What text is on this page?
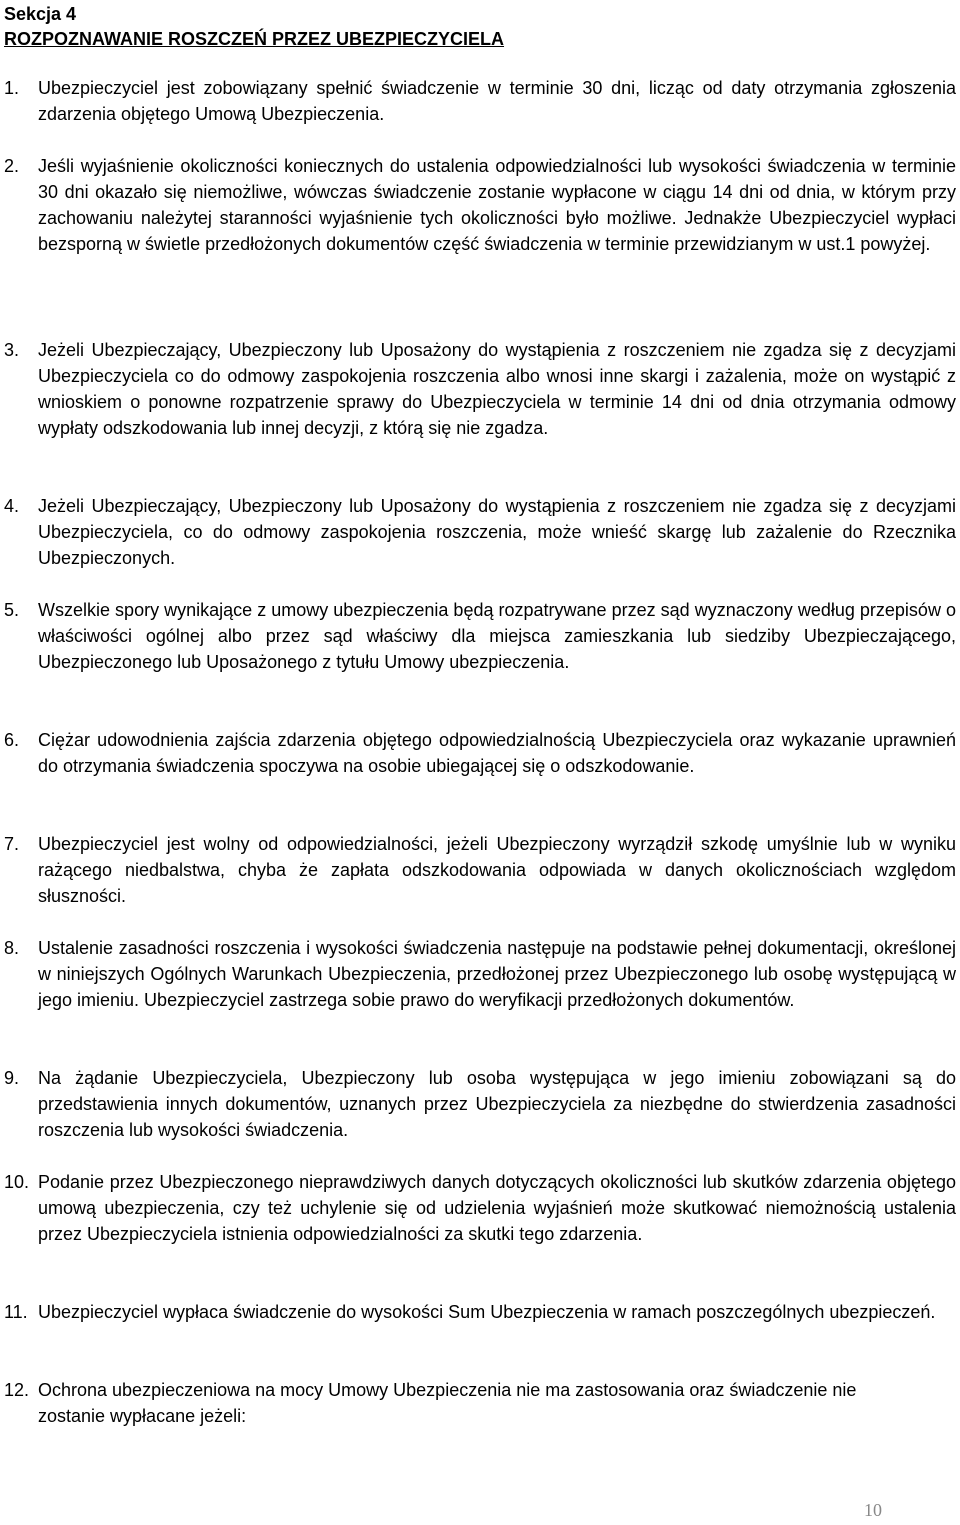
Sekcja 4
ROZPOZNAWANIE ROSZCZEŃ PRZEZ UBEZPIECZYCIELA
1.	Ubezpieczyciel jest zobowiązany spełnić świadczenie w terminie 30 dni, licząc od daty otrzymania zgłoszenia zdarzenia objętego Umową Ubezpieczenia.
2.	Jeśli wyjaśnienie okoliczności koniecznych do ustalenia odpowiedzialności lub wysokości świadczenia w terminie 30 dni okazało się niemożliwe, wówczas świadczenie zostanie wypłacone w ciągu 14 dni od dnia, w którym przy zachowaniu należytej staranności wyjaśnienie tych okoliczności było możliwe. Jednakże Ubezpieczyciel wypłaci bezsporną w świetle przedłożonych dokumentów część świadczenia w terminie przewidzianym w ust.1 powyżej.
3.	Jeżeli Ubezpieczający, Ubezpieczony lub Uposażony do wystąpienia z roszczeniem nie zgadza się z decyzjami Ubezpieczyciela co do odmowy zaspokojenia roszczenia albo wnosi inne skargi i zażalenia, może on wystąpić z wnioskiem o ponowne rozpatrzenie sprawy do Ubezpieczyciela w terminie 14 dni od dnia otrzymania odmowy wypłaty odszkodowania lub innej decyzji, z którą się nie zgadza.
4.	Jeżeli Ubezpieczający, Ubezpieczony lub Uposażony do wystąpienia z roszczeniem nie zgadza się z decyzjami Ubezpieczyciela, co do odmowy zaspokojenia roszczenia, może wnieść skargę lub zażalenie do Rzecznika Ubezpieczonych.
5.	Wszelkie spory wynikające z umowy ubezpieczenia będą rozpatrywane przez sąd wyznaczony według przepisów o właściwości ogólnej albo przez sąd właściwy dla miejsca zamieszkania lub siedziby Ubezpieczającego, Ubezpieczonego lub Uposażonego z tytułu Umowy ubezpieczenia.
6.	Ciężar udowodnienia zajścia zdarzenia objętego odpowiedzialnością Ubezpieczyciela oraz wykazanie uprawnień do otrzymania świadczenia spoczywa na osobie ubiegającej się o odszkodowanie.
7.	Ubezpieczyciel jest wolny od odpowiedzialności, jeżeli Ubezpieczony wyrządził szkodę umyślnie lub w wyniku rażącego niedbalstwa, chyba że zapłata odszkodowania odpowiada w danych okolicznościach względom słuszności.
8.	Ustalenie zasadności roszczenia i wysokości świadczenia następuje na podstawie pełnej dokumentacji, określonej w niniejszych Ogólnych Warunkach Ubezpieczenia, przedłożonej przez Ubezpieczonego lub osobę występującą w jego imieniu. Ubezpieczyciel zastrzega sobie prawo do weryfikacji przedłożonych dokumentów.
9.	Na żądanie Ubezpieczyciela, Ubezpieczony lub osoba występująca w jego imieniu zobowiązani są do przedstawienia innych dokumentów, uznanych przez Ubezpieczyciela za niezbędne do stwierdzenia zasadności roszczenia lub wysokości świadczenia.
10. Podanie przez Ubezpieczonego nieprawdziwych danych dotyczących okoliczności lub skutków zdarzenia objętego umową ubezpieczenia, czy też uchylenie się od udzielenia wyjaśnień może skutkować niemożnością ustalenia przez Ubezpieczyciela istnienia odpowiedzialności za skutki tego zdarzenia.
11. Ubezpieczyciel wypłaca świadczenie do wysokości Sum Ubezpieczenia w ramach poszczególnych ubezpieczeń.
12. Ochrona ubezpieczeniowa na mocy Umowy Ubezpieczenia nie ma zastosowania oraz świadczenie nie zostanie wypłacane jeżeli:
10
